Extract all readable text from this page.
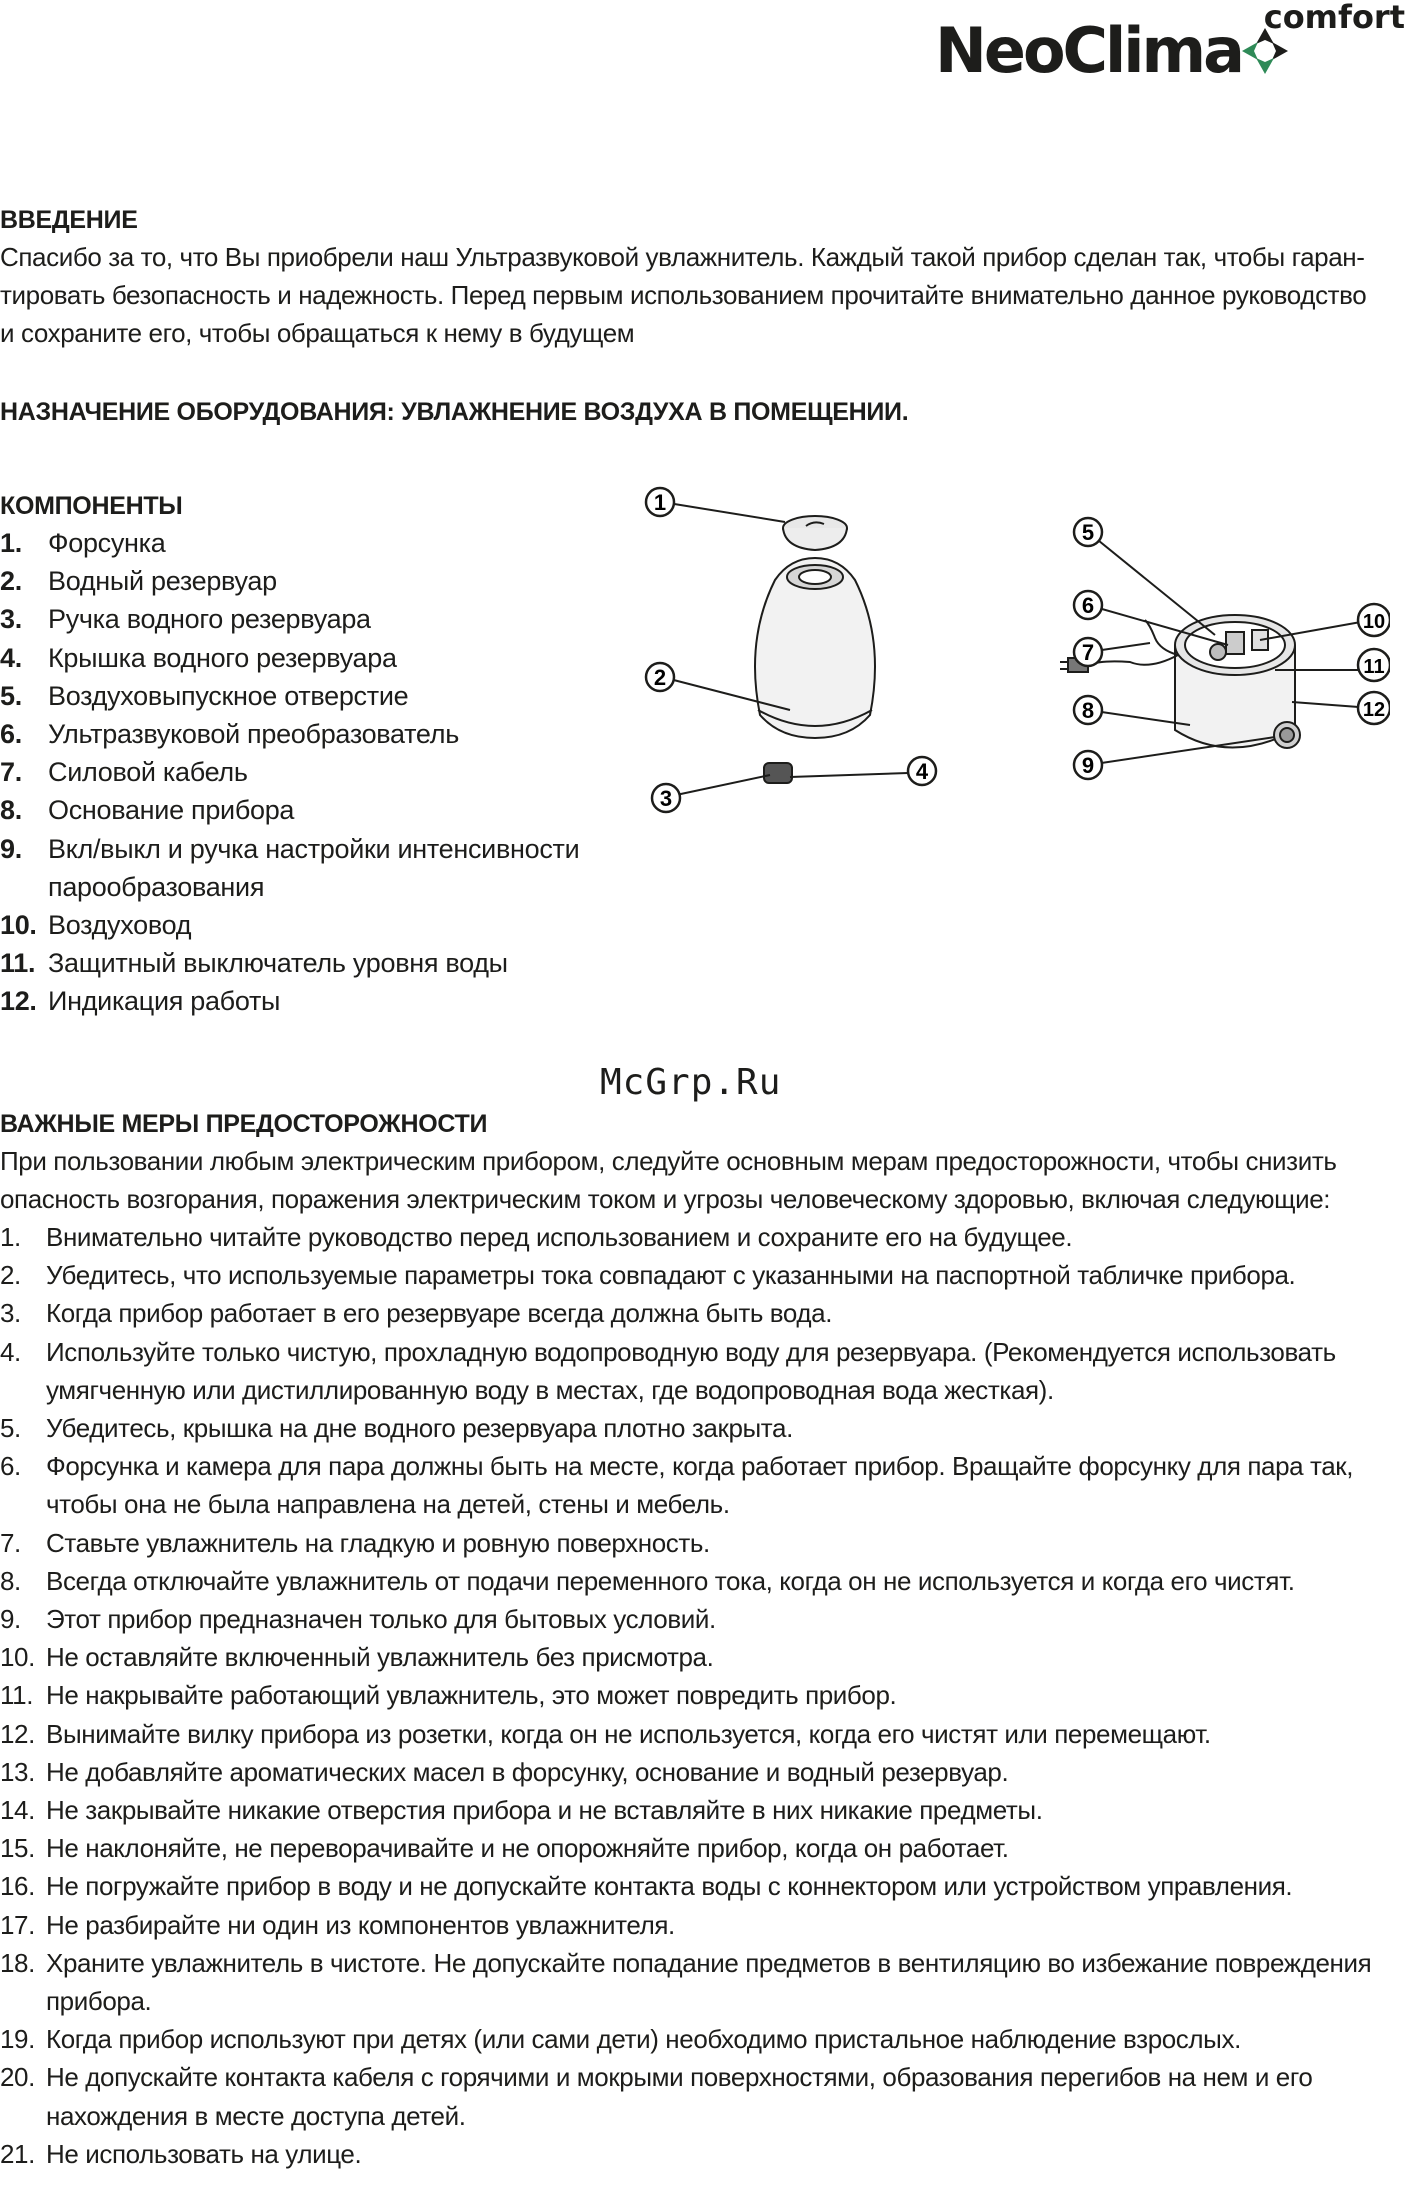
NeoClima comfort
ВВЕДЕНИЕ

Спасибо за то, что Вы приобрели наш Ультразвуковой увлажнитель. Каждый такой прибор сделан так, чтобы гаран-

тировать безопасность и надежность. Перед первым использованием прочитайте внимательно данное руководство

и сохраните его, чтобы обращаться к нему в будущем

НАЗНАЧЕНИЕ ОБОРУДОВАНИЯ: УВЛАЖНЕНИЕ ВОЗДУХА В ПОМЕЩЕНИИ.
КОМПОНЕНТЫ
1. Форсунка
2. Водный резервуар
3. Ручка водного резервуара
4. Крышка водного резервуара
5. Воздуховыпускное отверстие
6. Ультразвуковой преобразователь
7. Силовой кабель
8. Основание прибора
9. Вкл/выкл и ручка настройки интенсивности парообразования
10. Воздуховод
11. Защитный выключатель уровня воды
12. Индикация работы
1
2
3
4
5
6
7
8
9
10
11
12
McGrp.Ru
ВАЖНЫЕ МЕРЫ ПРЕДОСТОРОЖНОСТИ

При пользовании любым электрическим прибором, следуйте основным мерам предосторожности, чтобы снизить

опасность возгорания, поражения электрическим током и угрозы человеческому здоровью, включая следующие:

1. Внимательно читайте руководство перед использованием и сохраните его на будущее.
2. Убедитесь, что используемые параметры тока совпадают с указанными на паспортной табличке прибора.
3. Когда прибор работает в его резервуаре всегда должна быть вода.
4. Используйте только чистую, прохладную водопроводную воду для резервуара. (Рекомендуется использовать умягченную или дистиллированную воду в местах, где водопроводная вода жесткая).
5. Убедитесь, крышка на дне водного резервуара плотно закрыта.
6. Форсунка и камера для пара должны быть на месте, когда работает прибор. Вращайте форсунку для пара так, чтобы она не была направлена на детей, стены и мебель.
7. Ставьте увлажнитель на гладкую и ровную поверхность.
8. Всегда отключайте увлажнитель от подачи переменного тока, когда он не используется и когда его чистят.
9. Этот прибор предназначен только для бытовых условий.
10. Не оставляйте включенный увлажнитель без присмотра.
11. Не накрывайте работающий увлажнитель, это может повредить прибор.
12. Вынимайте вилку прибора из розетки, когда он не используется, когда его чистят или перемещают.
13. Не добавляйте ароматических масел в форсунку, основание и водный резервуар.
14. Не закрывайте никакие отверстия прибора и не вставляйте в них никакие предметы.
15. Не наклоняйте, не переворачивайте и не опорожняйте прибор, когда он работает.
16. Не погружайте прибор в воду и не допускайте контакта воды с коннектором или устройством управления.
17. Не разбирайте ни один из компонентов увлажнителя.
18. Храните увлажнитель в чистоте. Не допускайте попадание предметов в вентиляцию во избежание повреждения прибора.
19. Когда прибор используют при детях (или сами дети) необходимо пристальное наблюдение взрослых.
20. Не допускайте контакта кабеля с горячими и мокрыми поверхностями, образования перегибов на нем и его нахождения в месте доступа детей.
21. Не использовать на улице.
